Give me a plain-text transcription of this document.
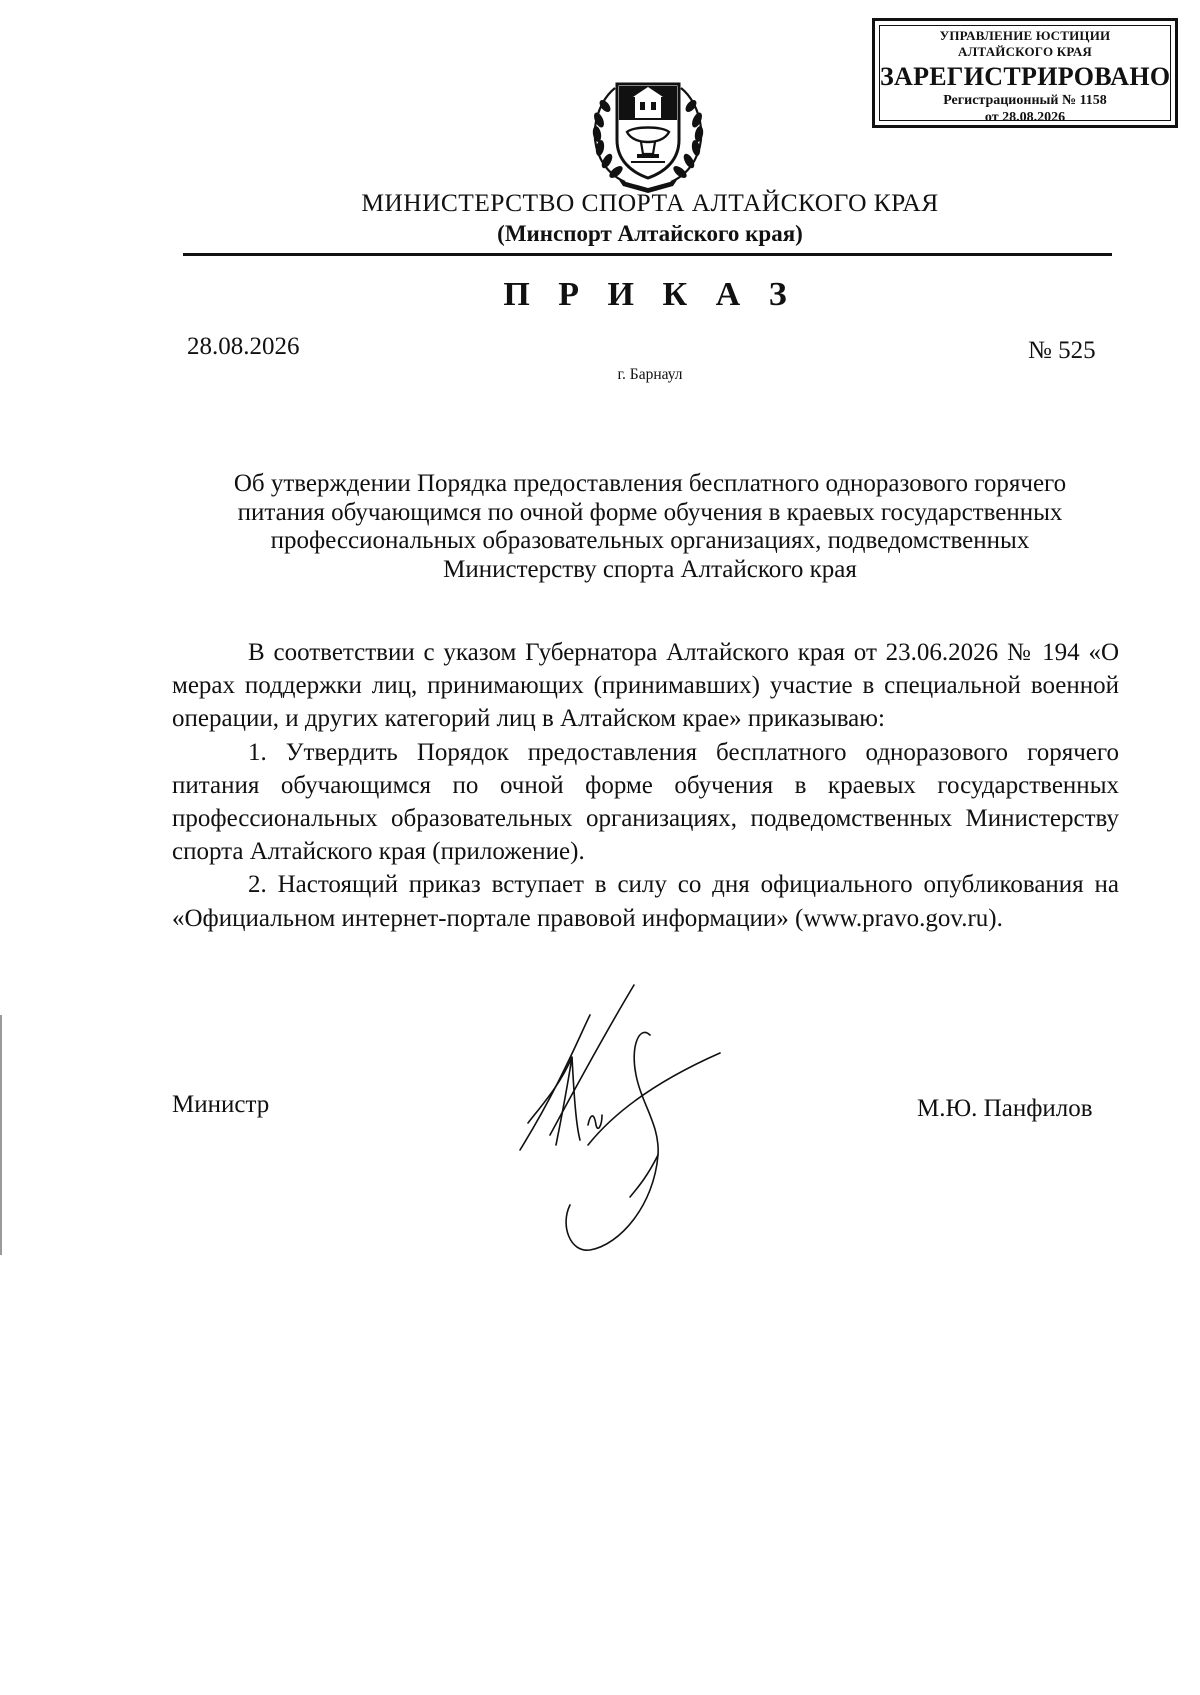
УПРАВЛЕНИЕ ЮСТИЦИИ
АЛТАЙСКОГО КРАЯ
ЗАРЕГИСТРИРОВАНО
Регистрационный № 1158
от 28.08.2026
МИНИСТЕРСТВО СПОРТА АЛТАЙСКОГО КРАЯ
(Минспорт Алтайского края)
П Р И К А З
28.08.2026	№ 525
г. Барнаул
Об утверждении Порядка предоставления бесплатного одноразового горячего питания обучающимся по очной форме обучения в краевых государственных профессиональных образовательных организациях, подведомственных Министерству спорта Алтайского края

В соответствии с указом Губернатора Алтайского края от 23.06.2026 № 194 «О мерах поддержки лиц, принимающих (принимавших) участие в специальной военной операции, и других категорий лиц в Алтайском крае» приказываю:

1. Утвердить Порядок предоставления бесплатного одноразового горячего питания обучающимся по очной форме обучения в краевых государственных профессиональных образовательных организациях, подведомственных Министерству спорта Алтайского края (приложение).

2. Настоящий приказ вступает в силу со дня официального опубликования на «Официальном интернет-портале правовой информации» (www.pravo.gov.ru).

Министр	М.Ю. Панфилов
